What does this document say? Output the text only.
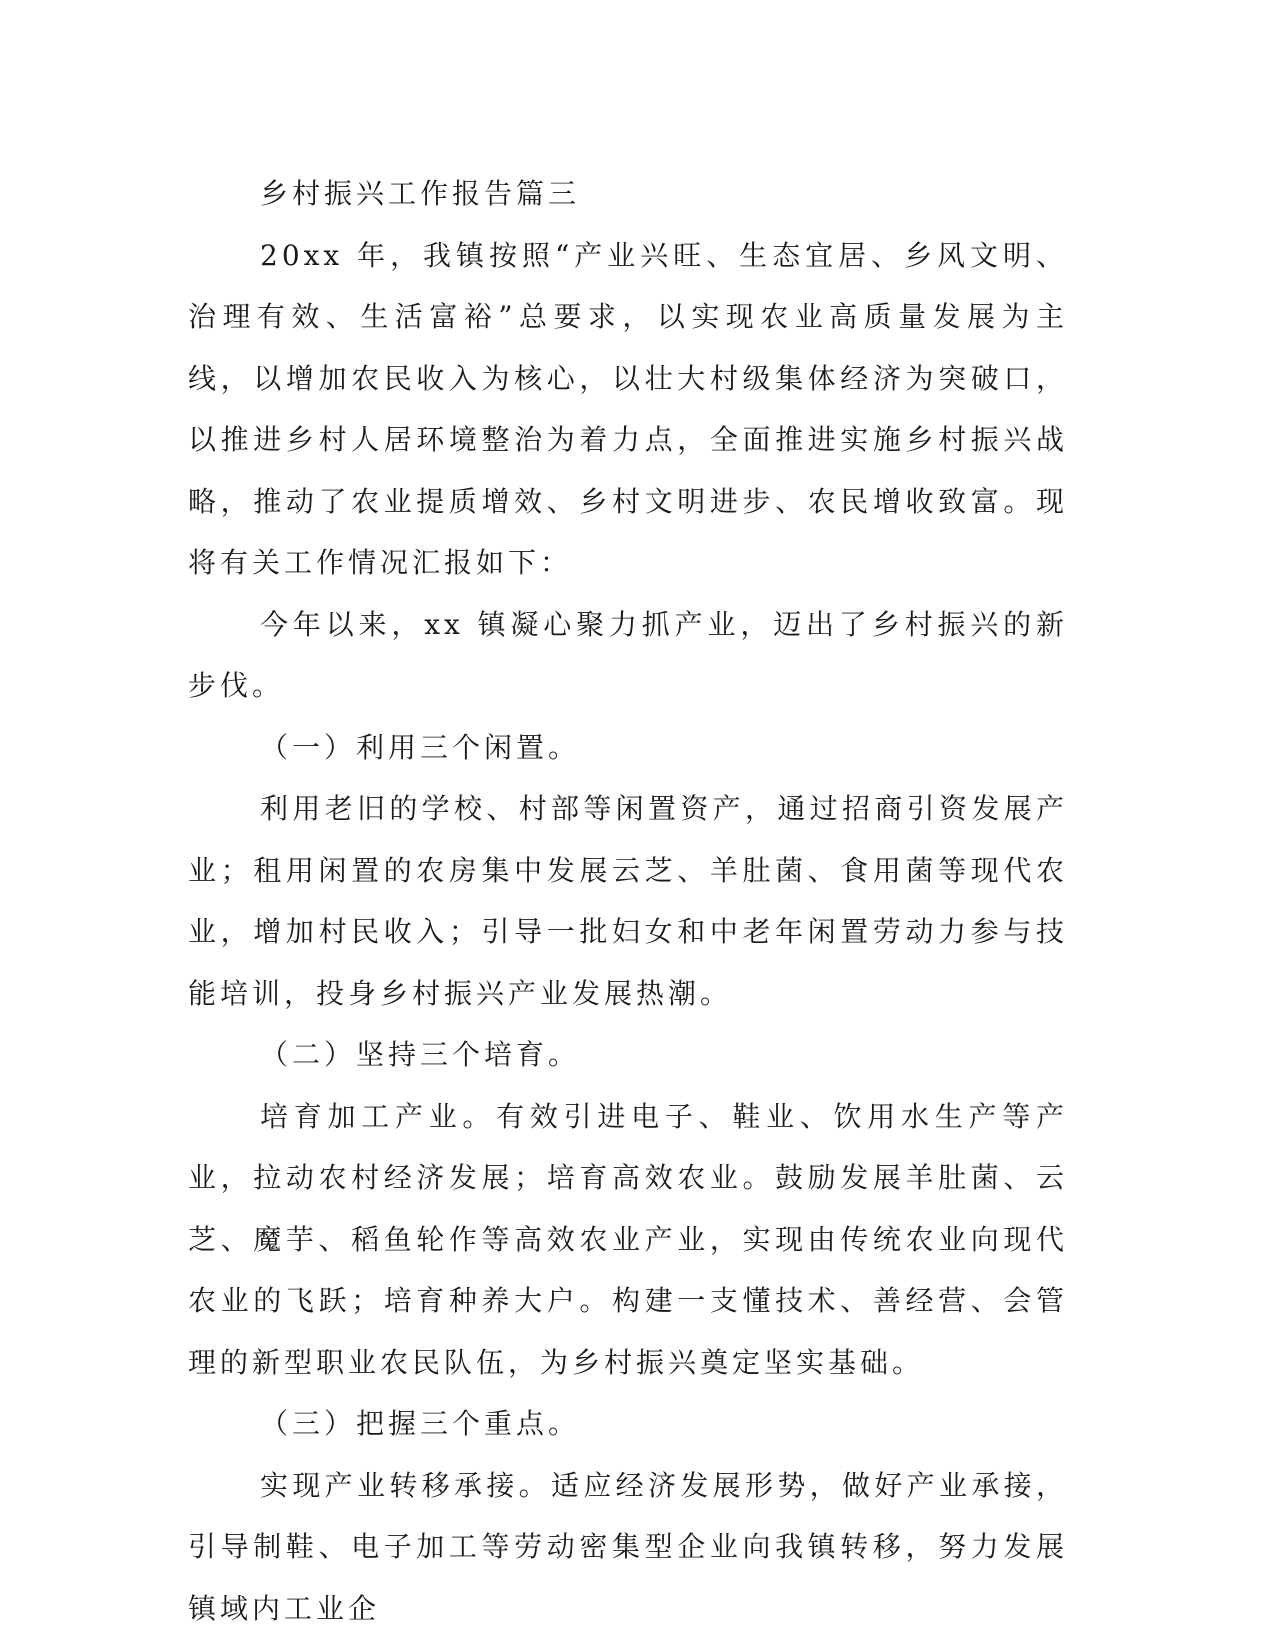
乡村振兴工作报告篇三

20xx 年，我镇按照“产业兴旺、生态宜居、乡风文明、治理有效、生活富裕”总要求，以实现农业高质量发展为主线，以增加农民收入为核心，以壮大村级集体经济为突破口，以推进乡村人居环境整治为着力点，全面推进实施乡村振兴战略，推动了农业提质增效、乡村文明进步、农民增收致富。现将有关工作情况汇报如下：

今年以来，xx 镇凝心聚力抓产业，迈出了乡村振兴的新步伐。

（一）利用三个闲置。

利用老旧的学校、村部等闲置资产，通过招商引资发展产业；租用闲置的农房集中发展云芝、羊肚菌、食用菌等现代农业，增加村民收入；引导一批妇女和中老年闲置劳动力参与技能培训，投身乡村振兴产业发展热潮。

（二）坚持三个培育。

培育加工产业。有效引进电子、鞋业、饮用水生产等产业，拉动农村经济发展；培育高效农业。鼓励发展羊肚菌、云芝、魔芋、稻鱼轮作等高效农业产业，实现由传统农业向现代农业的飞跃；培育种养大户。构建一支懂技术、善经营、会管理的新型职业农民队伍，为乡村振兴奠定坚实基础。

（三）把握三个重点。

实现产业转移承接。适应经济发展形势，做好产业承接，引导制鞋、电子加工等劳动密集型企业向我镇转移，努力发展镇域内工业企
